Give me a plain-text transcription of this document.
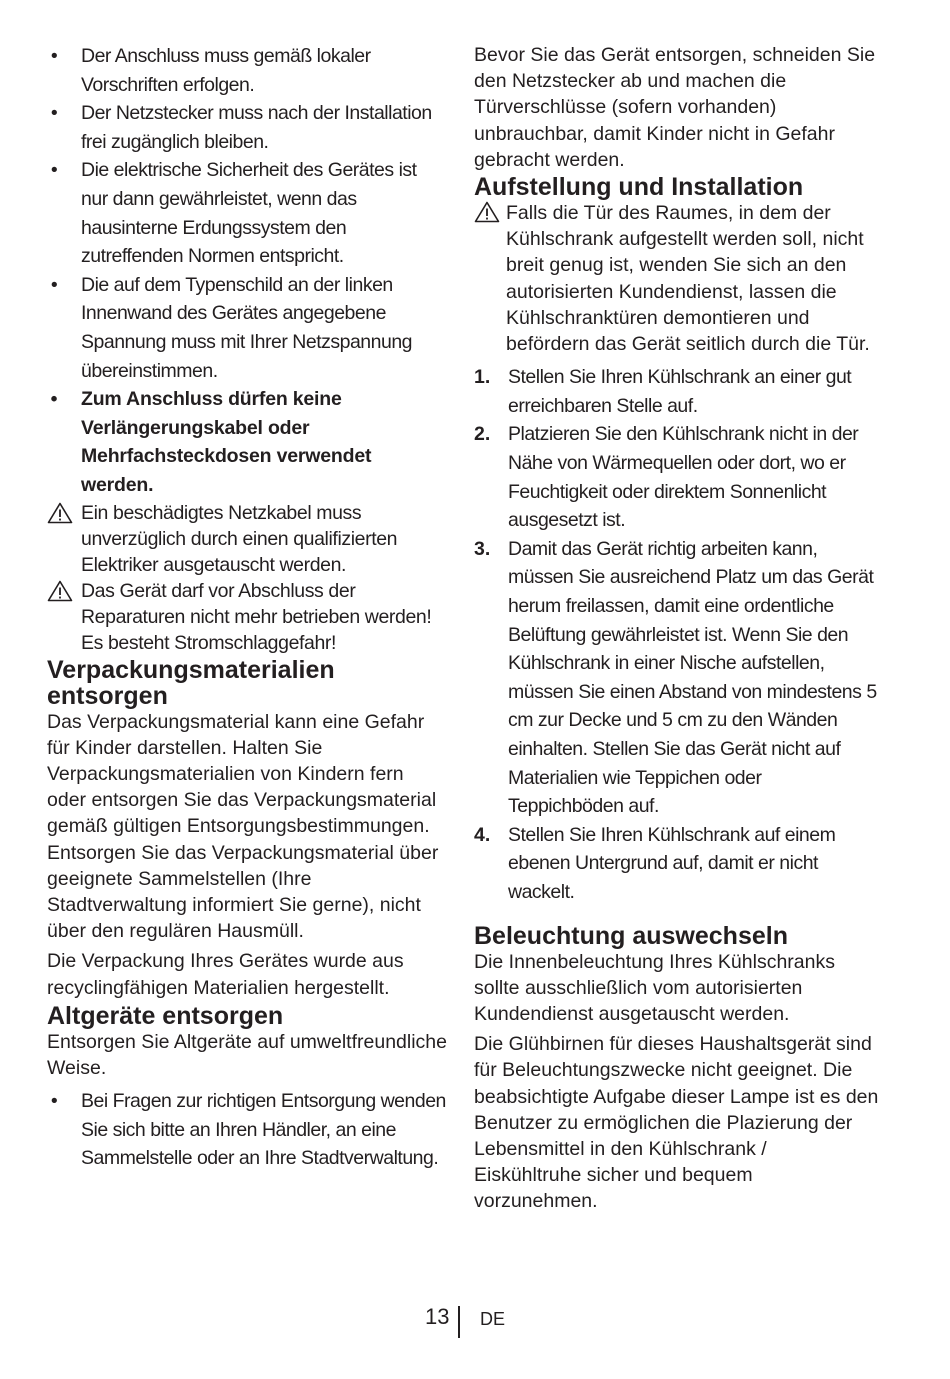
• Der Anschluss muss gemäß lokaler Vorschriften erfolgen.
• Der Netzstecker muss nach der Installation frei zugänglich bleiben.
• Die elektrische Sicherheit des Gerätes ist nur dann gewährleistet, wenn das hausinterne Erdungssystem den zutreffenden Normen entspricht.
• Die auf dem Typenschild an der linken Innenwand des Gerätes angegebene Spannung muss mit Ihrer Netzspannung übereinstimmen.
• Zum Anschluss dürfen keine Verlängerungskabel oder Mehrfachsteckdosen verwendet werden.
Ein beschädigtes Netzkabel muss unverzüglich durch einen qualifizierten Elektriker ausgetauscht werden.
Das Gerät darf vor Abschluss der Reparaturen nicht mehr betrieben werden! Es besteht Stromschlaggefahr!
Verpackungsmaterialien entsorgen

Das Verpackungsmaterial kann eine Gefahr für Kinder darstellen. Halten Sie Verpackungsmaterialien von Kindern fern oder entsorgen Sie das Verpackungsmaterial gemäß gültigen Entsorgungsbestimmungen. Entsorgen Sie das Verpackungsmaterial über geeignete Sammelstellen (Ihre Stadtverwaltung informiert Sie gerne), nicht über den regulären Hausmüll.

Die Verpackung Ihres Gerätes wurde aus recyclingfähigen Materialien hergestellt.

Altgeräte entsorgen

Entsorgen Sie Altgeräte auf umweltfreundliche Weise.

• Bei Fragen zur richtigen Entsorgung wenden Sie sich bitte an Ihren Händler, an eine Sammelstelle oder an Ihre Stadtverwaltung.

Bevor Sie das Gerät entsorgen, schneiden Sie den Netzstecker ab und machen die Türverschlüsse (sofern vorhanden) unbrauchbar, damit Kinder nicht in Gefahr gebracht werden.

Aufstellung und Installation

Falls die Tür des Raumes, in dem der Kühlschrank aufgestellt werden soll, nicht breit genug ist, wenden Sie sich an den autorisierten Kundendienst, lassen die Kühlschranktüren demontieren und befördern das Gerät seitlich durch die Tür.

1. Stellen Sie Ihren Kühlschrank an einer gut erreichbaren Stelle auf.
2. Platzieren Sie den Kühlschrank nicht in der Nähe von Wärmequellen oder dort, wo er Feuchtigkeit oder direktem Sonnenlicht ausgesetzt ist.
3. Damit das Gerät richtig arbeiten kann, müssen Sie ausreichend Platz um das Gerät herum freilassen, damit eine ordentliche Belüftung gewährleistet ist. Wenn Sie den Kühlschrank in einer Nische aufstellen, müssen Sie einen Abstand von mindestens 5 cm zur Decke und 5 cm zu den Wänden einhalten. Stellen Sie das Gerät nicht auf Materialien wie Teppichen oder Teppichböden auf.
4. Stellen Sie Ihren Kühlschrank auf einem ebenen Untergrund auf, damit er nicht wackelt.
Beleuchtung auswechseln

Die Innenbeleuchtung Ihres Kühlschranks sollte ausschließlich vom autorisierten Kundendienst ausgetauscht werden.

Die Glühbirnen für dieses Haushaltsgerät sind für Beleuchtungszwecke nicht geeignet. Die beabsichtigte Aufgabe dieser Lampe ist es den Benutzer zu ermöglichen die Plazierung der Lebensmittel in den Kühlschrank / Eiskühltruhe sicher und bequem vorzunehmen.

13 DE
